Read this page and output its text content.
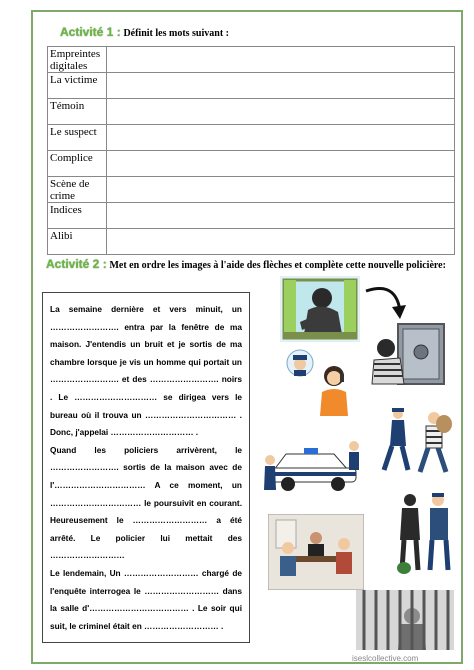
Activité 1 : Définit les mots suivant :
Empreintes digitales	
La victime	
Témoin	
Le suspect	
Complice	
Scène de crime	
Indices	
Alibi	
Activité 2 : Met en ordre les images à l'aide des flèches et complète cette nouvelle policière:

La semaine dernière et vers minuit, un ……………………. entra par la fenêtre de ma maison. J'entendis un bruit et je sortis de ma chambre lorsque je vis un homme qui portait un ……………………. et des ……………………. noirs . Le ………………………… se dirigea vers le bureau où il trouva un …………………………… . Donc, j'appelai ………………………… .

Quand les policiers arrivèrent, le ……………………. sortis de la maison avec de l'…………………………… A ce moment, un …………………………… le poursuivit en courant. Heureusement le ……………………… a été arrêté. Le policier lui mettait des ………………………

Le lendemain, Un ……………………… chargé de l'enquête interrogea le ……………………… dans la salle d'……………………………… . Le soir qui suit, le criminel était en ……………………… .

iseslcollective.com
